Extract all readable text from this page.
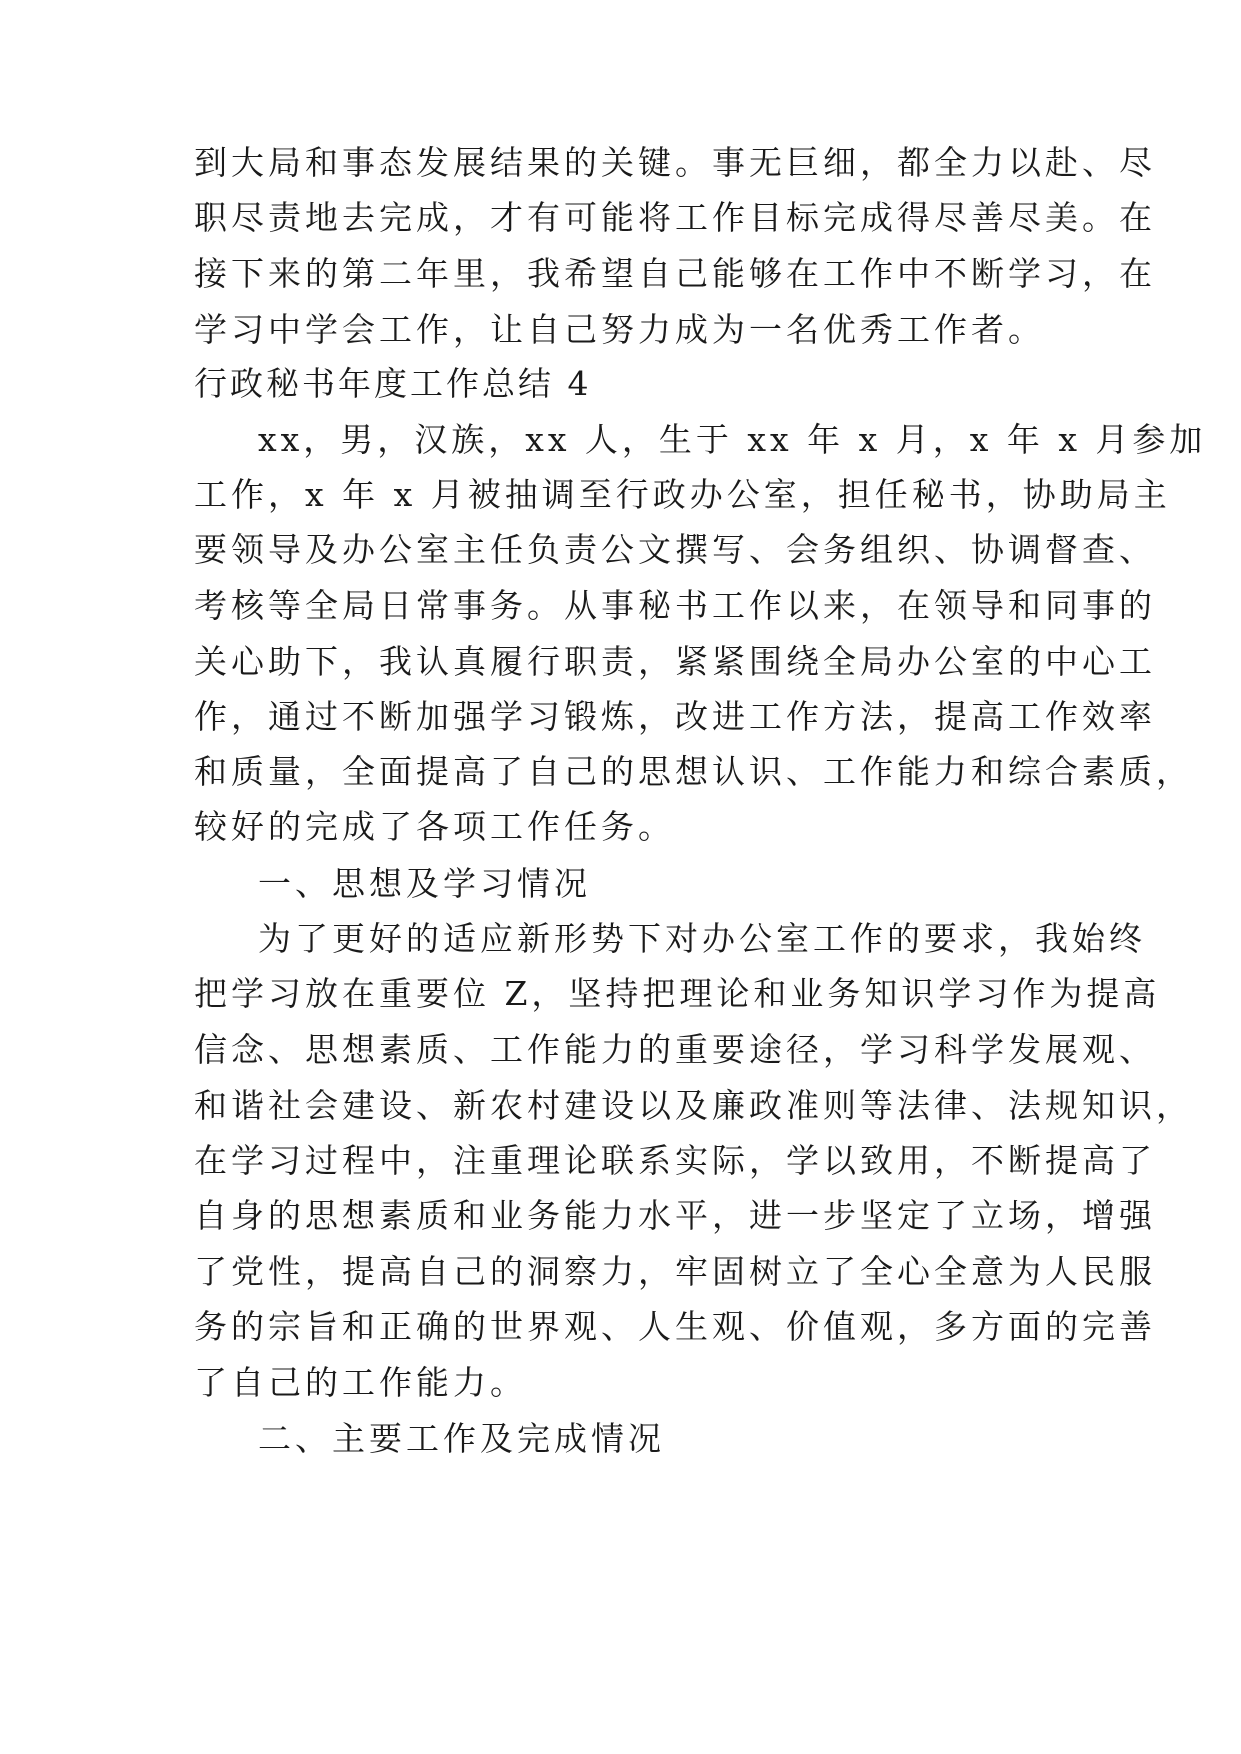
到大局和事态发展结果的关键。事无巨细，都全力以赴、尽
职尽责地去完成，才有可能将工作目标完成得尽善尽美。在
接下来的第二年里，我希望自己能够在工作中不断学习，在
学习中学会工作，让自己努力成为一名优秀工作者。
行政秘书年度工作总结 4
xx，男，汉族，xx 人，生于 xx 年 x 月，x 年 x 月参加
工作，x 年 x 月被抽调至行政办公室，担任秘书，协助局主
要领导及办公室主任负责公文撰写、会务组织、协调督查、
考核等全局日常事务。从事秘书工作以来，在领导和同事的
关心助下，我认真履行职责，紧紧围绕全局办公室的中心工
作，通过不断加强学习锻炼，改进工作方法，提高工作效率
和质量，全面提高了自己的思想认识、工作能力和综合素质，
较好的完成了各项工作任务。
一、思想及学习情况
为了更好的适应新形势下对办公室工作的要求，我始终
把学习放在重要位 Z，坚持把理论和业务知识学习作为提高
信念、思想素质、工作能力的重要途径，学习科学发展观、
和谐社会建设、新农村建设以及廉政准则等法律、法规知识，
在学习过程中，注重理论联系实际，学以致用，不断提高了
自身的思想素质和业务能力水平，进一步坚定了立场，增强
了党性，提高自己的洞察力，牢固树立了全心全意为人民服
务的宗旨和正确的世界观、人生观、价值观，多方面的完善
了自己的工作能力。
二、主要工作及完成情况
